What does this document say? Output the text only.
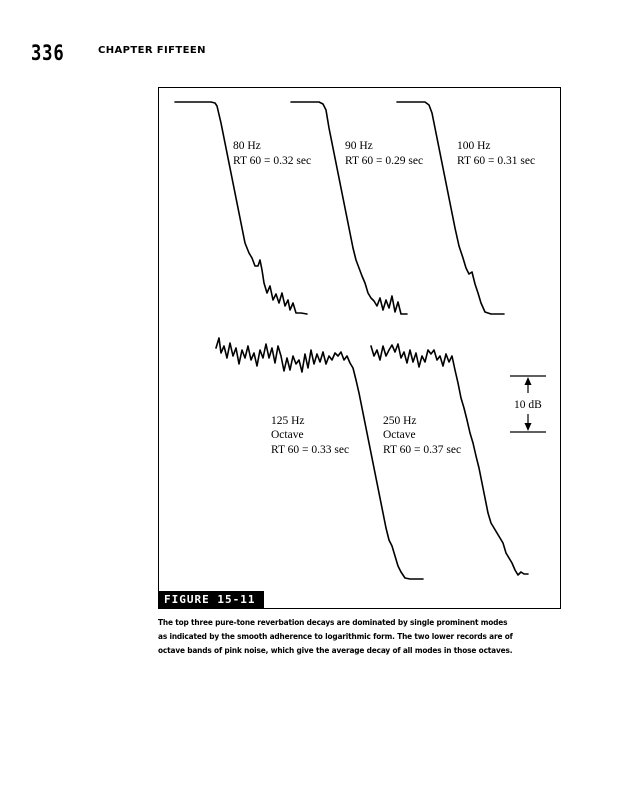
336	CHAPTER FIFTEEN
10 dB
80 Hz
RT 60 = 0.32 sec
90 Hz
RT 60 = 0.29 sec
100 Hz
RT 60 = 0.31 sec
125 Hz
Octave
RT 60 = 0.33 sec
250 Hz
Octave
RT 60 = 0.37 sec
FIGURE 15-11
The top three pure-tone reverbation decays are dominated by single prominent modes
as indicated by the smooth adherence to logarithmic form. The two lower records are of
octave bands of pink noise, which give the average decay of all modes in those octaves.
